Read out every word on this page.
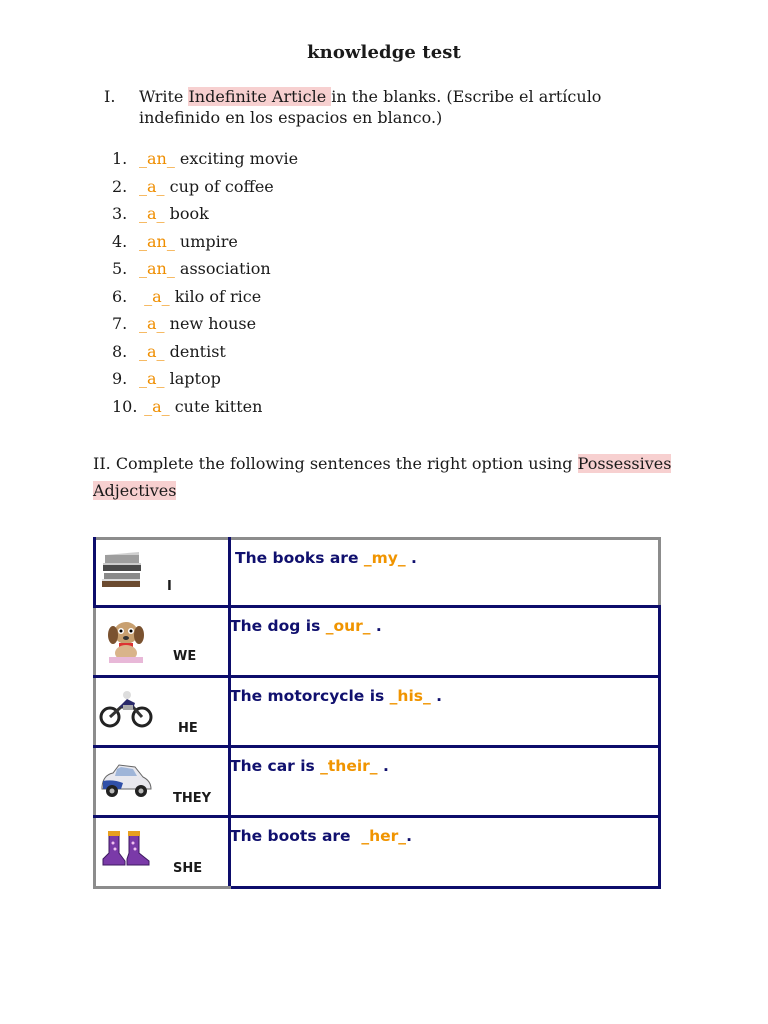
knowledge test
I. Write Indefinite Article in the blanks. (Escribe el artículo indefinido en los espacios en blanco.)
1. _an_ exciting movie
2. _a_ cup of coffee
3. _a_ book
4. _an_ umpire
5. _an_ association
6. _a_ kilo of rice
7. _a_ new house
8. _a_ dentist
9. _a_ laptop
10. _a_ cute kitten
II. Complete the following sentences the right option using Possessives
Adjectives
I
The books are _my_ .
WE
The dog is _our_ .
HE
The motorcycle is _his_ .
THEY
The car is _their_ .
SHE
The boots are  _her_.
